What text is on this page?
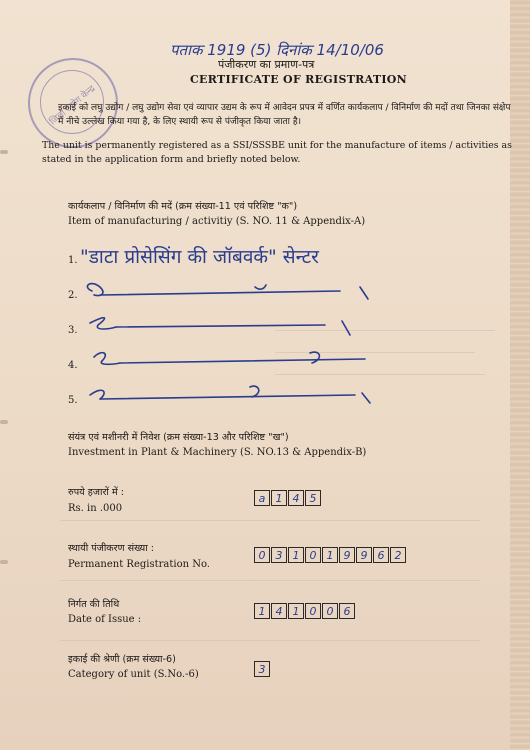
पताक 1919 (5) दिनांक 14/10/06
जिला उद्योग केन्द्र
पंजीकरण का प्रमाण-पत्र
CERTIFICATE OF REGISTRATION
इकाई को लघु उद्योग / लघु उद्योग सेवा एवं व्यापार उद्यम के रूप में आवेदन प्रपत्र में वर्णित कार्यकलाप / विनिर्माण की मदों तथा जिनका संक्षेप में नीचे उल्लेख किया गया है, के लिए स्थायी रूप से पंजीकृत किया जाता है।
The unit is permanently registered as a SSI/SSSBE unit for the manufacture of items / activities as stated in the application form and briefly noted below.
कार्यकलाप / विनिर्माण की मदें (क्रम संख्या-11 एवं परिशिष्ट "क")
Item of manufacturing / activitiy (S. NO. 11 & Appendix-A)
1. "डाटा प्रोसेसिंग की जॉबवर्क" सेन्टर
2.
3.
4.
5.
संयंत्र एवं मशीनरी में निवेश (क्रम संख्या-13 और परिशिष्ट "ख")
Investment in Plant & Machinery (S. NO.13 & Appendix-B)
रुपये हजारों में :
Rs. in .000
a 1 4 5
स्थायी पंजीकरण संख्या :
Permanent Registration No.
0 3 1 0 1 9 9 6 2
निर्गत की तिथि
Date of Issue :
1 4 1 0 0 6
इकाई की श्रेणी (क्रम संख्या-6)
Category of unit (S.No.-6)	3
